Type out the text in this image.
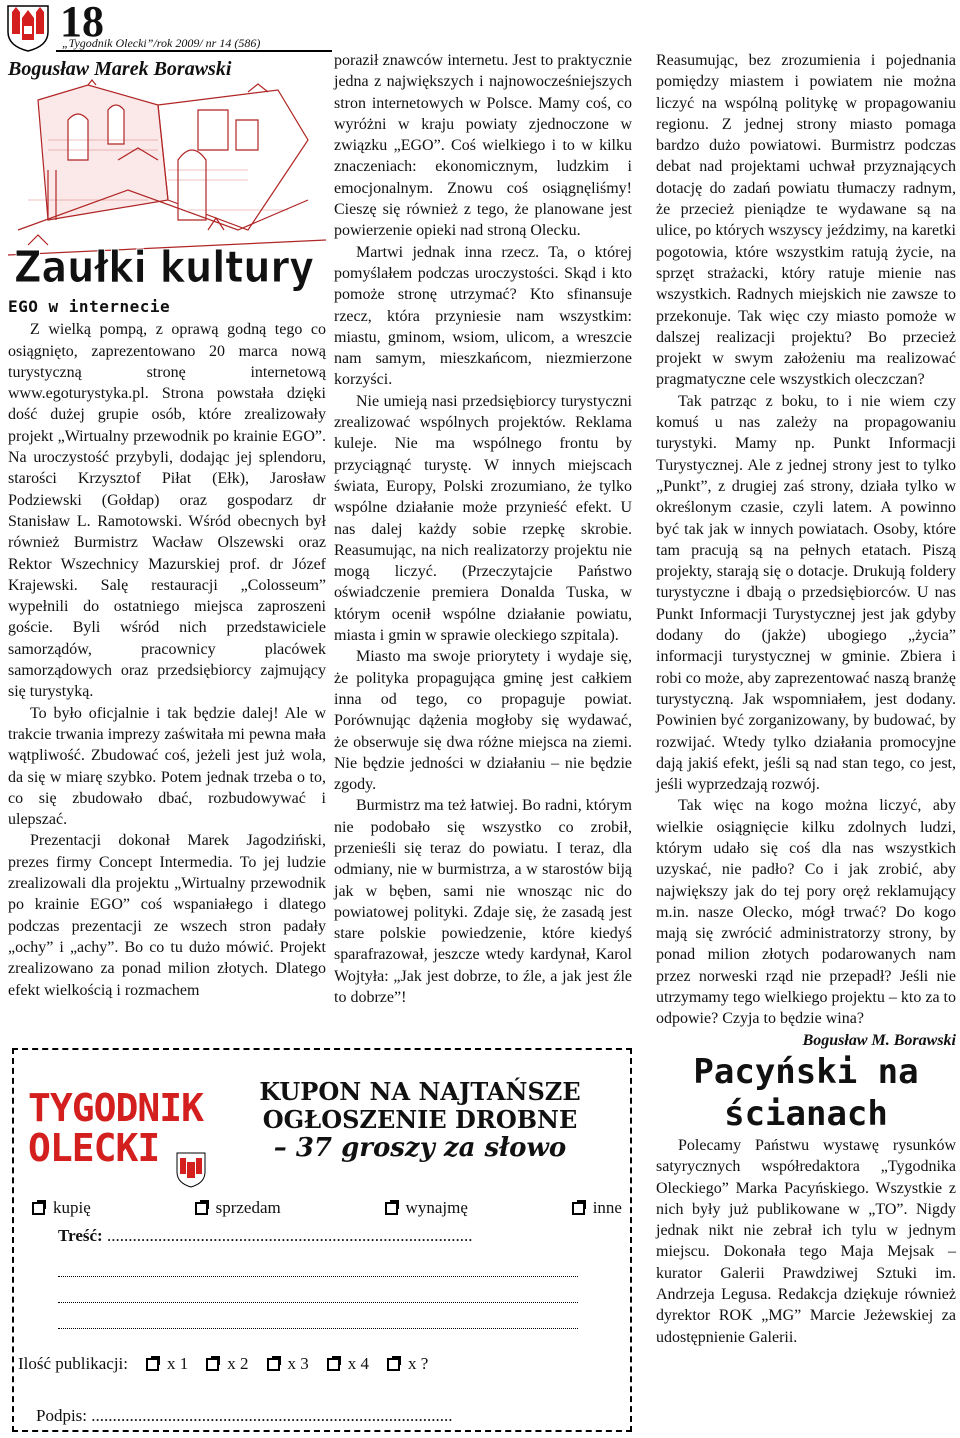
18
„Tygodnik Olecki”/rok 2009/ nr 14 (586)
Bogusław Marek Borawski
Zaułki kultury

EGO w internecie

Z wielką pompą, z oprawą godną tego co osiągnięto, zaprezentowano 20 marca nową turystyczną stronę internetową www.egoturystyka.pl. Strona powstała dzięki dość dużej grupie osób, które zrealizowały projekt „Wirtualny przewodnik po krainie EGO”. Na uroczystość przybyli, dodając jej splendoru, starości Krzysztof Piłat (Ełk), Jarosław Podziewski (Gołdap) oraz gospodarz dr Stanisław L. Ramotowski. Wśród obecnych był również Burmistrz Wacław Olszewski oraz Rektor Wszechnicy Mazurskiej prof. dr Józef Krajewski. Salę restauracji „Colosseum” wypełnili do ostatniego miejsca zaproszeni goście. Byli wśród nich przedstawiciele samorządów, pracownicy placówek samorządowych oraz przedsiębiorcy zajmujący się turystyką.

To było oficjalnie i tak będzie dalej! Ale w trakcie trwania imprezy zaświtała mi pewna mała wątpliwość. Zbudować coś, jeżeli jest już wola, da się w miarę szybko. Potem jednak trzeba o to, co się zbudowało dbać, rozbudowywać i ulepszać.

Prezentacji dokonał Marek Jagodziński, prezes firmy Concept Intermedia. To jej ludzie zrealizowali dla projektu „Wirtualny przewodnik po krainie EGO” coś wspaniałego i dlatego podczas prezentacji ze wszech stron padały „ochy” i „achy”. Bo co tu dużo mówić. Projekt zrealizowano za ponad milion złotych. Dlatego efekt wielkością i rozmachem

poraził znawców internetu. Jest to praktycznie jedna z największych i najnowocześniejszych stron internetowych w Polsce. Mamy coś, co wyróżni w kraju powiaty zjednoczone w związku „EGO”. Coś wielkiego i to w kilku znaczeniach: ekonomicznym, ludzkim i emocjonalnym. Znowu coś osiągnęliśmy! Cieszę się również z tego, że planowane jest powierzenie opieki nad stroną Olecku.

Martwi jednak inna rzecz. Ta, o której pomyślałem podczas uroczystości. Skąd i kto pomoże stronę utrzymać? Kto sfinansuje rzecz, która przyniesie nam wszystkim: miastu, gminom, wsiom, ulicom, a wreszcie nam samym, mieszkańcom, niezmierzone korzyści.

Nie umieją nasi przedsiębiorcy turystyczni zrealizować wspólnych projektów. Reklama kuleje. Nie ma wspólnego frontu by przyciągnąć turystę. W innych miejscach świata, Europy, Polski zrozumiano, że tylko wspólne działanie może przynieść efekt. U nas dalej każdy sobie rzepkę skrobie. Reasumując, na nich realizatorzy projektu nie mogą liczyć. (Przeczytajcie Państwo oświadczenie premiera Donalda Tuska, w którym ocenił wspólne działanie powiatu, miasta i gmin w sprawie oleckiego szpitala).

Miasto ma swoje priorytety i wydaje się, że polityka propagująca gminę jest całkiem inna od tego, co propaguje powiat. Porównując dążenia mogłoby się wydawać, że obserwuje się dwa różne miejsca na ziemi. Nie będzie jedności w działaniu – nie będzie zgody.

Burmistrz ma też łatwiej. Bo radni, którym nie podobało się wszystko co zrobił, przenieśli się teraz do powiatu. I teraz, dla odmiany, nie w burmistrza, a w starostów biją jak w bęben, sami nie wnosząc nic do powiatowej polityki. Zdaje się, że zasadą jest stare polskie powiedzenie, które kiedyś sparafrazował, jeszcze wtedy kardynał, Karol Wojtyła: „Jak jest dobrze, to źle, a jak jest źle to dobrze”!

Reasumując, bez zrozumienia i pojednania pomiędzy miastem i powiatem nie można liczyć na wspólną politykę w propagowaniu regionu. Z jednej strony miasto pomaga bardzo dużo powiatowi. Burmistrz podczas debat nad projektami uchwał przyznających dotację do zadań powiatu tłumaczy radnym, że przecież pieniądze te wydawane są na ulice, po których wszyscy jeździmy, na karetki pogotowia, które wszystkim ratują życie, na sprzęt strażacki, który ratuje mienie nas wszystkich. Radnych miejskich nie zawsze to przekonuje. Tak więc czy miasto pomoże w dalszej realizacji projektu? Bo przecież projekt w swym założeniu ma realizować pragmatyczne cele wszystkich oleczczan?

Tak patrząc z boku, to i nie wiem czy komuś u nas zależy na propagowaniu turystyki. Mamy np. Punkt Informacji Turystycznej. Ale z jednej strony jest to tylko „Punkt”, z drugiej zaś strony, działa tylko w określonym czasie, czyli latem. A powinno być tak jak w innych powiatach. Osoby, które tam pracują są na pełnych etatach. Piszą projekty, starają się o dotacje. Drukują foldery turystyczne i dbają o przedsiębiorców. U nas Punkt Informacji Turystycznej jest jak gdyby dodany do (jakże) ubogiego „życia” informacji turystycznej w gminie. Zbiera i robi co może, aby zaprezentować naszą branżę turystyczną. Jak wspomniałem, jest dodany. Powinien być zorganizowany, by budować, by rozwijać. Wtedy tylko działania promocyjne dają jakiś efekt, jeśli są nad stan tego, co jest, jeśli wyprzedzają rozwój.

Tak więc na kogo można liczyć, aby wielkie osiągnięcie kilku zdolnych ludzi, którym udało się coś dla nas wszystkich uzyskać, nie padło? Co i jak zrobić, aby największy jak do tej pory oręż reklamujący m.in. nasze Olecko, mógł trwać? Do kogo mają się zwrócić administratorzy strony, by ponad milion złotych podarowanych nam przez norweski rząd nie przepadł? Jeśli nie utrzymamy tego wielkiego projektu – kto za to odpowie? Czyja to będzie wina?

Bogusław M. Borawski

Pacyński na ścianach

Polecamy Państwu wystawę rysunków satyrycznych współredaktora „Tygodnika Oleckiego” Marka Pacyńskiego. Wszystkie z nich były już publikowane w „TO”. Nigdy jednak nikt nie zebrał ich tylu w jednym miejscu. Dokonała tego Maja Mejsak – kurator Galerii Prawdziwej Sztuki im. Andrzeja Legusa. Redakcja dziękuje również dyrektor ROK „MG” Marcie Jeżewskiej za udostępnienie Galerii.

TYGODNIK
OLECKI
KUPON NA NAJTAŃSZE
OGŁOSZENIE DROBNE
– 37 groszy za słowo
kupię	sprzedam	wynajmę	inne
Treść: ......................................................................................
Ilość publikacji: x 1 x 2 x 3 x 4 x ?
Podpis: .....................................................................................
